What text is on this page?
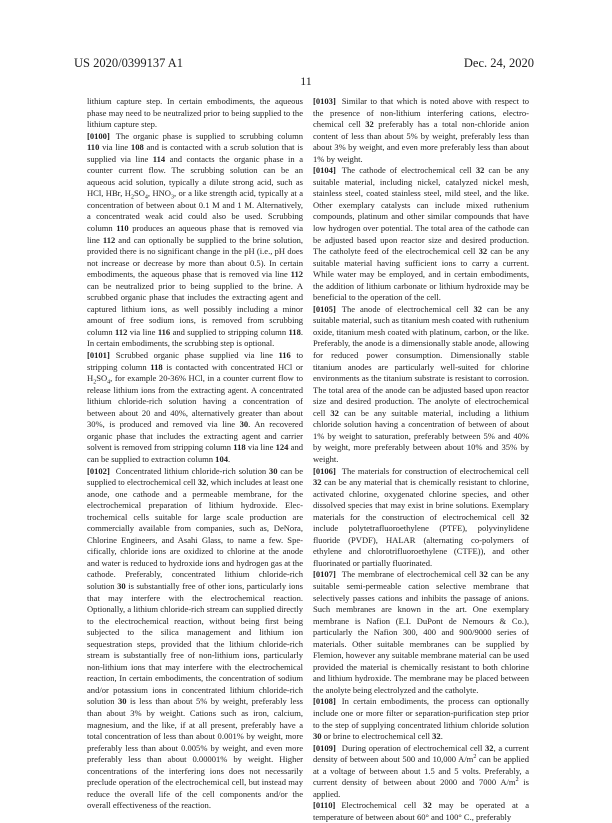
US 2020/0399137 A1	Dec. 24, 2020
11

lithium capture step. In certain embodiments, the aqueous phase may need to be neutralized prior to being supplied to the lithium capture step.

[0100] The organic phase is supplied to scrubbing column 110 via line 108 and is contacted with a scrub solution that is supplied via line 114 and contacts the organic phase in a counter current flow. The scrubbing solution can be an aqueous acid solution, typically a dilute strong acid, such as HCl, HBr, $H_2SO_4$, $HNO_3$, or a like strength acid, typically at a concentration of between about 0.1 M and 1 M. Alternatively, a concentrated weak acid could also be used. Scrubbing column 110 produces an aqueous phase that is removed via line 112 and can optionally be supplied to the brine solution, provided there is no significant change in the pH (i.e., pH does not increase or decrease by more than about 0.5). In certain embodiments, the aqueous phase that is removed via line 112 can be neutralized prior to being supplied to the brine. A scrubbed organic phase that includes the extracting agent and captured lithium ions, as well possibly including a minor amount of free sodium ions, is removed from scrubbing column 112 via line 116 and supplied to stripping column 118. In certain embodiments, the scrubbing step is optional.

[0101] Scrubbed organic phase supplied via line 116 to stripping column 118 is contacted with concentrated HCl or $H_2SO_4$, for example 20-36% HCl, in a counter current flow to release lithium ions from the extracting agent. A concentrated lithium chloride-rich solution having a concentration of between about 20 and 40%, alternatively greater than about 30%, is produced and removed via line 30. An recovered organic phase that includes the extracting agent and carrier solvent is removed from stripping column 118 via line 124 and can be supplied to extraction column 104.

[0102] Concentrated lithium chloride-rich solution 30 can be supplied to electrochemical cell 32, which includes at least one anode, one cathode and a permeable membrane, for the electrochemical preparation of lithium hydroxide. Electrochemical cells suitable for large scale production are commercially available from companies, such as, DeNora, Chlorine Engineers, and Asahi Glass, to name a few. Specifically, chloride ions are oxidized to chlorine at the anode and water is reduced to hydroxide ions and hydrogen gas at the cathode. Preferably, concentrated lithium chloride-rich solution 30 is substantially free of other ions, particularly ions that may interfere with the electrochemical reaction. Optionally, a lithium chloride-rich stream can supplied directly to the electrochemical reaction, without being first being subjected to the silica management and lithium ion sequestration steps, provided that the lithium chloride-rich stream is substantially free of non-lithium ions, particularly non-lithium ions that may interfere with the electrochemical reaction, In certain embodiments, the concentration of sodium and/or potassium ions in concentrated lithium chloride-rich solution 30 is less than about 5% by weight, preferably less than about 3% by weight. Cations such as iron, calcium, magnesium, and the like, if at all present, preferably have a total concentration of less than about 0.001% by weight, more preferably less than about 0.005% by weight, and even more preferably less than about 0.00001% by weight. Higher concentrations of the interfering ions does not necessarily preclude operation of the electrochemical cell, but instead may reduce the overall life of the cell components and/or the overall effectiveness of the reaction.

[0103] Similar to that which is noted above with respect to the presence of non-lithium interfering cations, electrochemical cell 32 preferably has a total non-chloride anion content of less than about 5% by weight, preferably less than about 3% by weight, and even more preferably less than about 1% by weight.

[0104] The cathode of electrochemical cell 32 can be any suitable material, including nickel, catalyzed nickel mesh, stainless steel, coated stainless steel, mild steel, and the like. Other exemplary catalysts can include mixed ruthenium compounds, platinum and other similar compounds that have low hydrogen over potential. The total area of the cathode can be adjusted based upon reactor size and desired production. The catholyte feed of the electrochemical cell 32 can be any suitable material having sufficient ions to carry a current. While water may be employed, and in certain embodiments, the addition of lithium carbonate or lithium hydroxide may be beneficial to the operation of the cell.

[0105] The anode of electrochemical cell 32 can be any suitable material, such as titanium mesh coated with ruthenium oxide, titanium mesh coated with platinum, carbon, or the like. Preferably, the anode is a dimensionally stable anode, allowing for reduced power consumption. Dimensionally stable titanium anodes are particularly well-suited for chlorine environments as the titanium substrate is resistant to corrosion. The total area of the anode can be adjusted based upon reactor size and desired production. The anolyte of electrochemical cell 32 can be any suitable material, including a lithium chloride solution having a concentration of between of about 1% by weight to saturation, preferably between 5% and 40% by weight, more preferably between about 10% and 35% by weight.

[0106] The materials for construction of electrochemical cell 32 can be any material that is chemically resistant to chlorine, activated chlorine, oxygenated chlorine species, and other dissolved species that may exist in brine solutions. Exemplary materials for the construction of electrochemical cell 32 include polytetrafluoroethylene (PTFE), polyvinylidene fluoride (PVDF), HALAR (alternating co-polymers of ethylene and chlorotrifluoroethylene (CTFE)), and other fluorinated or partially fluorinated.

[0107] The membrane of electrochemical cell 32 can be any suitable semi-permeable cation selective membrane that selectively passes cations and inhibits the passage of anions. Such membranes are known in the art. One exemplary membrane is Nafion (E.I. DuPont de Nemours & Co.), particularly the Nafion 300, 400 and 900/9000 series of materials. Other suitable membranes can be supplied by Flemion, however any suitable membrane material can be used provided the material is chemically resistant to both chlorine and lithium hydroxide. The membrane may be placed between the anolyte being electrolyzed and the catholyte.

[0108] In certain embodiments, the process can optionally include one or more filter or separation-purification step prior to the step of supplying concentrated lithium chloride solution 30 or brine to electrochemical cell 32.

[0109] During operation of electrochemical cell 32, a current density of between about 500 and 10,000 $A/m^2$ can be applied at a voltage of between about 1.5 and 5 volts. Preferably, a current density of between about 2000 and 7000 $A/m^2$ is applied.

[0110] Electrochemical cell 32 may be operated at a temperature of between about 60° and 100° C., preferably
